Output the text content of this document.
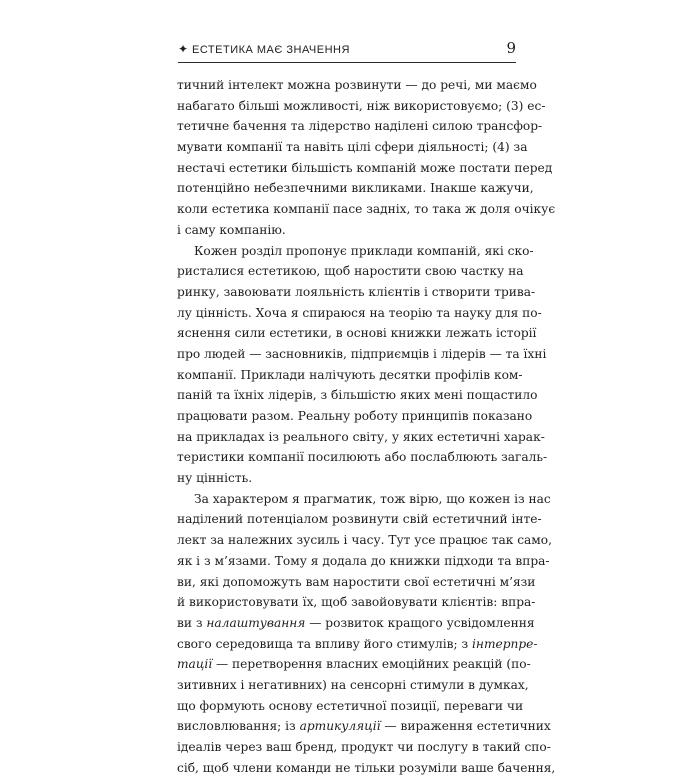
✦ ЕСТЕТИКА МАЄ ЗНАЧЕННЯ	9
тичний інтелект можна розвинути — до речі, ми маємо
набагато більші можливості, ніж використовуємо; (3) ес-
тетичне бачення та лідерство наділені силою трансфор-
мувати компанії та навіть цілі сфери діяльності; (4) за
нестачі естетики більшість компаній може постати перед
потенційно небезпечними викликами. Інакше кажучи,
коли естетика компанії пасе задніх, то така ж доля очікує
і саму компанію.
Кожен розділ пропонує приклади компаній, які ско-
ристалися естетикою, щоб наростити свою частку на
ринку, завоювати лояльність клієнтів і створити трива-
лу цінність. Хоча я спираюся на теорію та науку для по-
яснення сили естетики, в основі книжки лежать історії
про людей — засновників, підприємців і лідерів — та їхні
компанії. Приклади налічують десятки профілів ком-
паній та їхніх лідерів, з більшістю яких мені пощастило
працювати разом. Реальну роботу принципів показано
на прикладах із реального світу, у яких естетичні харак-
теристики компанії посилюють або послаблюють загаль-
ну цінність.
За характером я прагматик, тож вірю, що кожен із нас
наділений потенціалом розвинути свій естетичний інте-
лект за належних зусиль і часу. Тут усе працює так само,
як і з м’язами. Тому я додала до книжки підходи та впра-
ви, які допоможуть вам наростити свої естетичні м’язи
й використовувати їх, щоб завойовувати клієнтів: впра-
ви з налаштування — розвиток кращого усвідомлення
свого середовища та впливу його стимулів; з інтерпре-
тації — перетворення власних емоційних реакцій (по-
зитивних і негативних) на сенсорні стимули в думках,
що формують основу естетичної позиції, переваги чи
висловлювання; із артикуляції — вираження естетичних
ідеалів через ваш бренд, продукт чи послугу в такий спо-
сіб, щоб члени команди не тільки розуміли ваше бачення,
